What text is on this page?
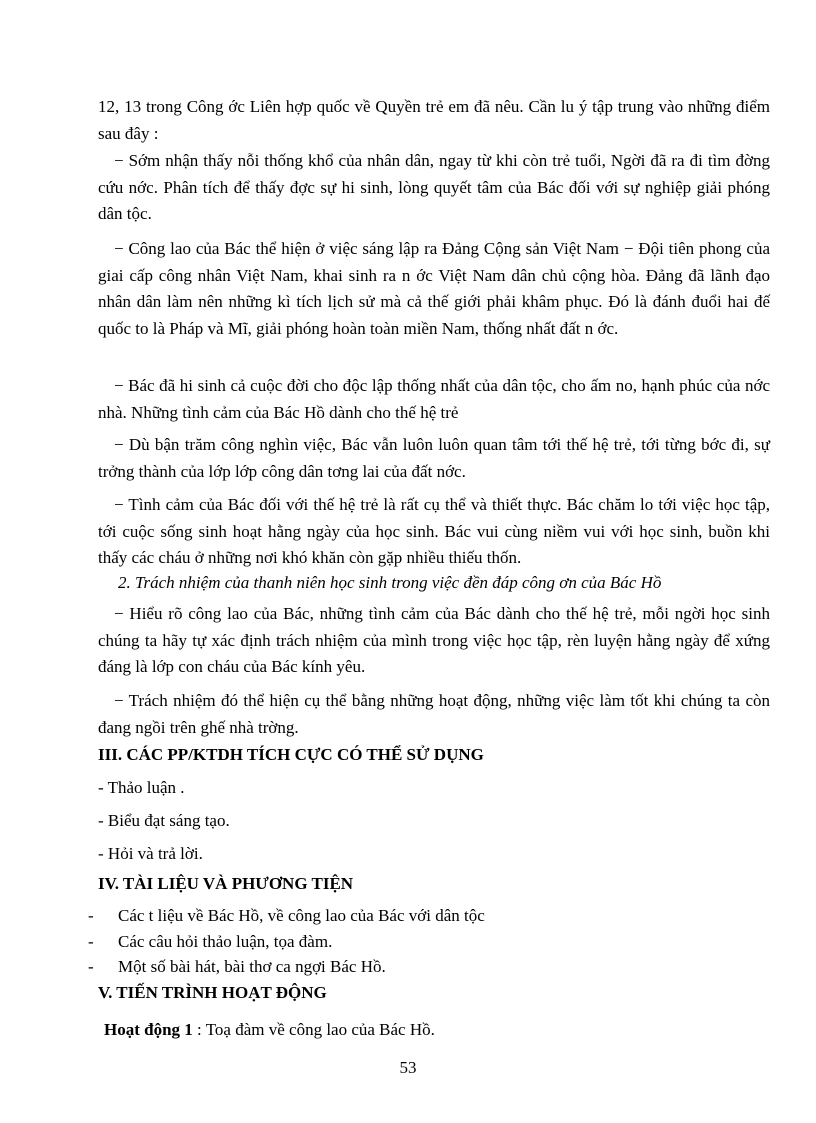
12, 13 trong Công ớc Liên hợp quốc về Quyền trẻ em đã nêu. Cần lu ý tập trung vào những điểm sau đây :
− Sớm nhận thấy nỗi thống khổ của nhân dân, ngay từ khi còn trẻ tuổi, Ngời đã ra đi tìm đờng cứu nớc. Phân tích để thấy đợc sự hi sinh, lòng quyết tâm của Bác đối với sự nghiệp giải phóng dân tộc.
− Công lao của Bác thể hiện ở việc sáng lập ra Đảng Cộng sản Việt Nam − Đội tiên phong của giai cấp công nhân Việt Nam, khai sinh ra n ớc Việt Nam dân chủ cộng hòa. Đảng đã lãnh đạo nhân dân làm nên những kì tích lịch sử mà cả thế giới phải khâm phục. Đó là đánh đuổi hai đế quốc to là Pháp và Mĩ, giải phóng hoàn toàn miền Nam, thống nhất đất n ớc.
− Bác đã hi sinh cả cuộc đời cho độc lập thống nhất của dân tộc, cho ấm no, hạnh phúc của nớc nhà. Những tình cảm của Bác Hồ dành cho thế hệ trẻ
− Dù bận trăm công nghìn việc, Bác vẫn luôn luôn quan tâm tới thế hệ trẻ, tới từng bớc đi, sự trởng thành của lớp lớp công dân tơng lai của đất nớc.
− Tình cảm của Bác đối với thế hệ trẻ là rất cụ thể và thiết thực. Bác chăm lo tới việc học tập, tới cuộc sống sinh hoạt hằng ngày của học sinh. Bác vui cùng niềm vui với học sinh, buồn khi thấy các cháu ở những nơi khó khăn còn gặp nhiều thiếu thốn.
2. Trách nhiệm của thanh niên học sinh trong việc đền đáp công ơn của Bác Hồ
− Hiểu rõ công lao của Bác, những tình cảm của Bác dành cho thế hệ trẻ, mỗi ngời học sinh chúng ta hãy tự xác định trách nhiệm của mình trong việc học tập, rèn luyện hằng ngày để xứng đáng là lớp con cháu của Bác kính yêu.
− Trách nhiệm đó thể hiện cụ thể bằng những hoạt động, những việc làm tốt khi chúng ta còn đang ngồi trên ghế nhà trờng.
III. CÁC PP/KTDH TÍCH CỰC CÓ THỂ SỬ DỤNG
- Thảo luận .
- Biểu đạt sáng tạo.
- Hỏi và trả lời.
IV. TÀI LIỆU VÀ PHƯƠNG TIỆN
- Các t liệu về Bác Hồ, về công lao của Bác với dân tộc
- Các câu hỏi thảo luận, tọa đàm.
- Một số bài hát, bài thơ ca ngợi Bác Hồ.
V. TIẾN TRÌNH HOẠT ĐỘNG
Hoạt động 1 : Toạ đàm về công lao của Bác Hồ.
53
